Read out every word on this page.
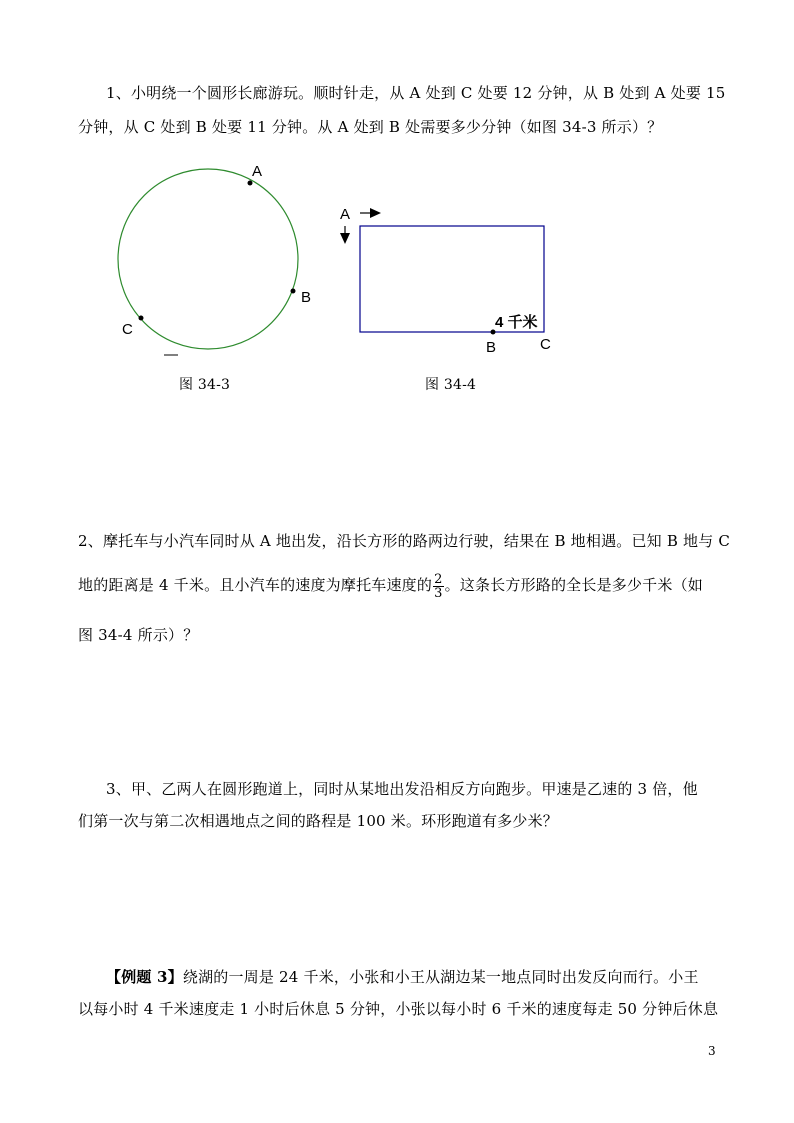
1、小明绕一个圆形长廊游玩。顺时针走，从 A 处到 C 处要 12 分钟，从 B 处到 A 处要 15
分钟，从 C 处到 B 处要 11 分钟。从 A 处到 B 处需要多少分钟（如图 34-3 所示）？
A
B
C
图 34-3
A
4 千米
B	C
图 34-4
2、摩托车与小汽车同时从 A 地出发，沿长方形的路两边行驶，结果在 B 地相遇。已知 B 地与 C
地的距离是 4 千米。且小汽车的速度为摩托车速度的 $\frac{2}{3}$ 。这条长方形路的全长是多少千米（如
图 34-4 所示）？
3、甲、乙两人在圆形跑道上，同时从某地出发沿相反方向跑步。甲速是乙速的 3 倍，他
们第一次与第二次相遇地点之间的路程是 100 米。环形跑道有多少米？
【例题 3】绕湖的一周是 24 千米，小张和小王从湖边某一地点同时出发反向而行。小王
以每小时 4 千米速度走 1 小时后休息 5 分钟，小张以每小时 6 千米的速度每走 50 分钟后休息
3
